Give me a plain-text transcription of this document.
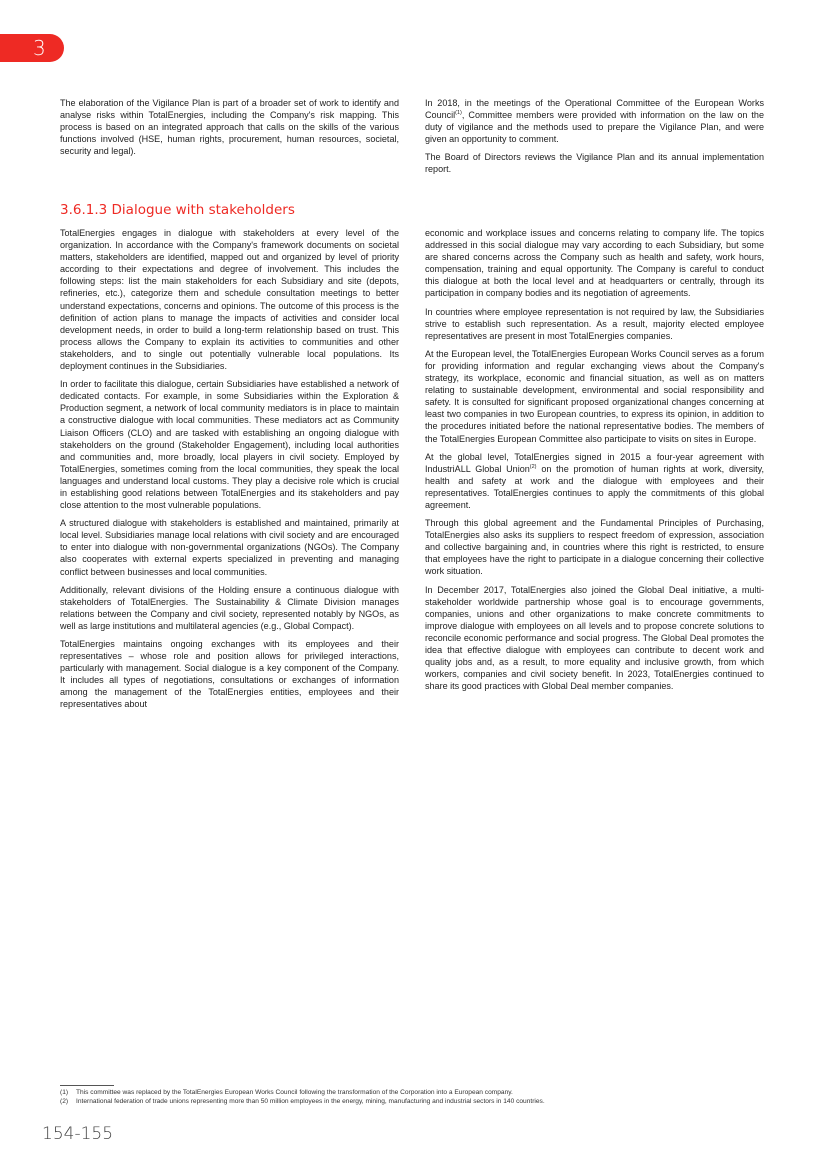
3

The elaboration of the Vigilance Plan is part of a broader set of work to identify and analyse risks within TotalEnergies, including the Company's risk mapping. This process is based on an integrated approach that calls on the skills of the various functions involved (HSE, human rights, procurement, human resources, societal, security and legal).

In 2018, in the meetings of the Operational Committee of the European Works Council$^{(1)}$, Committee members were provided with information on the law on the duty of vigilance and the methods used to prepare the Vigilance Plan, and were given an opportunity to comment.

The Board of Directors reviews the Vigilance Plan and its annual implementation report.

3.6.1.3 Dialogue with stakeholders

TotalEnergies engages in dialogue with stakeholders at every level of the organization. In accordance with the Company's framework documents on societal matters, stakeholders are identified, mapped out and organized by level of priority according to their expectations and degree of involvement. This includes the following steps: list the main stakeholders for each Subsidiary and site (depots, refineries, etc.), categorize them and schedule consultation meetings to better understand expectations, concerns and opinions. The outcome of this process is the definition of action plans to manage the impacts of activities and consider local development needs, in order to build a long-term relationship based on trust. This process allows the Company to explain its activities to communities and other stakeholders, and to single out potentially vulnerable local populations. Its deployment continues in the Subsidiaries.

In order to facilitate this dialogue, certain Subsidiaries have established a network of dedicated contacts. For example, in some Subsidiaries within the Exploration & Production segment, a network of local community mediators is in place to maintain a constructive dialogue with local communities. These mediators act as Community Liaison Officers (CLO) and are tasked with establishing an ongoing dialogue with stakeholders on the ground (Stakeholder Engagement), including local authorities and communities and, more broadly, local players in civil society. Employed by TotalEnergies, sometimes coming from the local communities, they speak the local languages and understand local customs. They play a decisive role which is crucial in establishing good relations between TotalEnergies and its stakeholders and pay close attention to the most vulnerable populations.

A structured dialogue with stakeholders is established and maintained, primarily at local level. Subsidiaries manage local relations with civil society and are encouraged to enter into dialogue with non-governmental organizations (NGOs). The Company also cooperates with external experts specialized in preventing and managing conflict between businesses and local communities.

Additionally, relevant divisions of the Holding ensure a continuous dialogue with stakeholders of TotalEnergies. The Sustainability & Climate Division manages relations between the Company and civil society, represented notably by NGOs, as well as large institutions and multilateral agencies (e.g., Global Compact).

TotalEnergies maintains ongoing exchanges with its employees and their representatives – whose role and position allows for privileged interactions, particularly with management. Social dialogue is a key component of the Company. It includes all types of negotiations, consultations or exchanges of information among the management of the TotalEnergies entities, employees and their representatives about

economic and workplace issues and concerns relating to company life. The topics addressed in this social dialogue may vary according to each Subsidiary, but some are shared concerns across the Company such as health and safety, work hours, compensation, training and equal opportunity. The Company is careful to conduct this dialogue at both the local level and at headquarters or centrally, through its participation in company bodies and its negotiation of agreements.

In countries where employee representation is not required by law, the Subsidiaries strive to establish such representation. As a result, majority elected employee representatives are present in most TotalEnergies companies.

At the European level, the TotalEnergies European Works Council serves as a forum for providing information and regular exchanging views about the Company's strategy, its workplace, economic and financial situation, as well as on matters relating to sustainable development, environmental and social responsibility and safety. It is consulted for significant proposed organizational changes concerning at least two companies in two European countries, to express its opinion, in addition to the procedures initiated before the national representative bodies. The members of the TotalEnergies European Committee also participate to visits on sites in Europe.

At the global level, TotalEnergies signed in 2015 a four-year agreement with IndustriALL Global Union$^{(2)}$ on the promotion of human rights at work, diversity, health and safety at work and the dialogue with employees and their representatives. TotalEnergies continues to apply the commitments of this global agreement.

Through this global agreement and the Fundamental Principles of Purchasing, TotalEnergies also asks its suppliers to respect freedom of expression, association and collective bargaining and, in countries where this right is restricted, to ensure that employees have the right to participate in a dialogue concerning their collective work situation.

In December 2017, TotalEnergies also joined the Global Deal initiative, a multi-stakeholder worldwide partnership whose goal is to encourage governments, companies, unions and other organizations to make concrete commitments to improve dialogue with employees on all levels and to propose concrete solutions to reconcile economic performance and social progress. The Global Deal promotes the idea that effective dialogue with employees can contribute to decent work and quality jobs and, as a result, to more equality and inclusive growth, from which workers, companies and civil society benefit. In 2023, TotalEnergies continued to share its good practices with Global Deal member companies.

(1) This committee was replaced by the TotalEnergies European Works Council following the transformation of the Corporation into a European company.
(2) International federation of trade unions representing more than 50 million employees in the energy, mining, manufacturing and industrial sectors in 140 countries.
154-155
